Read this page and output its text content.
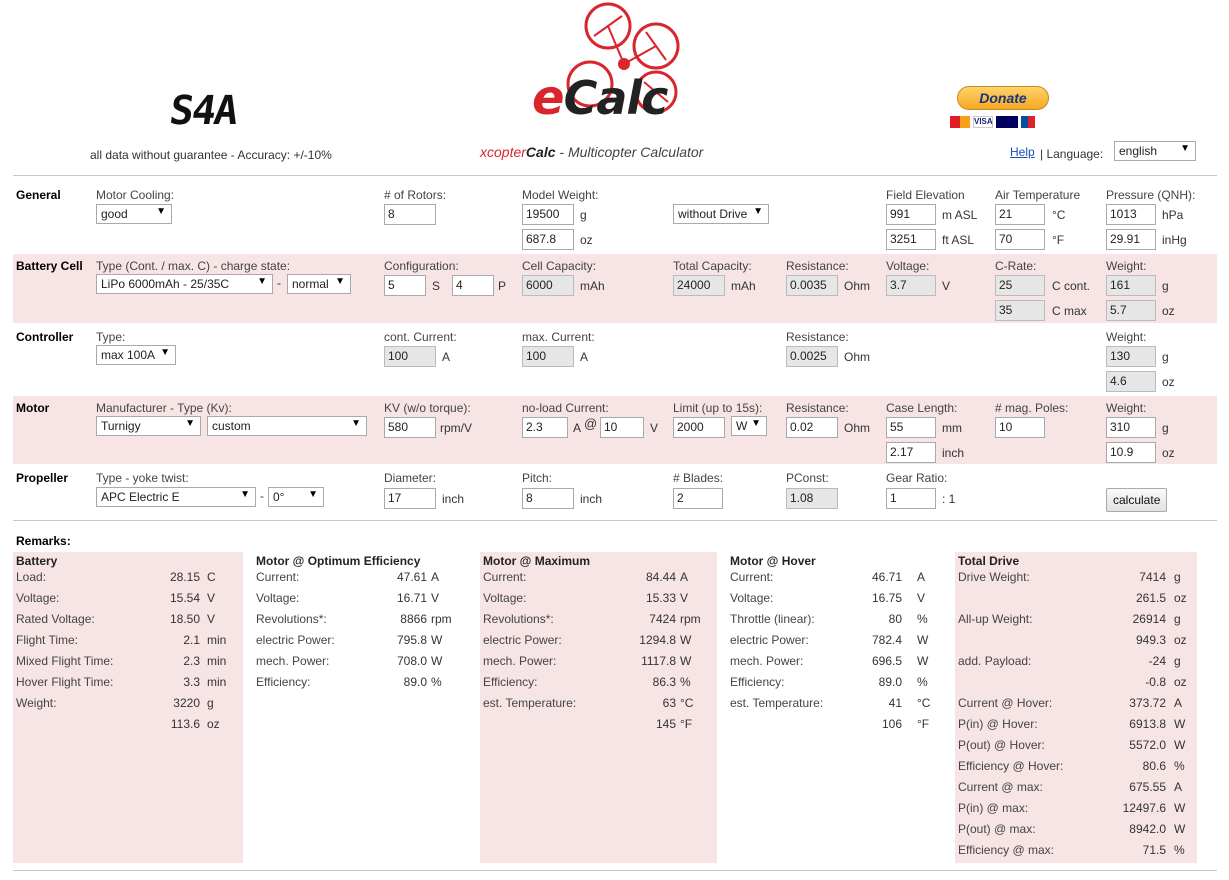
S4A
all data without guarantee - Accuracy: +/-10%
eCalc
xcopterCalc - Multicopter Calculator
Donate
VISA
Help | Language:	english ▼
General	Motor Cooling:
good	▼
# of Rotors:
8
Model Weight:
19500	g
687.8	oz
without Drive ▼
Field Elevation
991	m ASL
3251	ft ASL
Air Temperature
21	°C
70	°F
Pressure (QNH):
1013	hPa
29.91	inHg
Battery Cell Type (Cont. / max. C) - charge state:
LiPo 6000mAh - 25/35C	▼ - normal ▼
Configuration:
5	S	4	P
Cell Capacity:
6000	mAh
Total Capacity:
24000	mAh
Resistance:
0.0035	Ohm
Voltage:
3.7	V
C-Rate:
25	C cont.
35	C max
Weight:
161	g
5.7	oz
Controller Type:
max 100A ▼
cont. Current:
100	A
max. Current:
100	A
Resistance:
0.0025	Ohm
Weight:
130	g
4.6	oz
Motor	Manufacturer - Type (Kv):
Turnigy	▼	custom	▼
KV (w/o torque):
580	rpm/V
no-load Current:
2.3	A @ 10	V
Limit (up to 15s):
2000	W ▼
Resistance:
0.02	Ohm
Case Length:
55	mm
2.17	inch
# mag. Poles:
10
Weight:
310	g
10.9	oz
Propeller Type - yoke twist:
APC Electric E	▼ - 0° ▼
Diameter:
17	inch
Pitch:
8	inch
# Blades:
2
PConst:
1.08
Gear Ratio:
1	: 1	calculate
Remarks:
Battery
Load:	28.15 C
Voltage:	15.54 V
Rated Voltage:	18.50 V
Flight Time:	2.1 min
Mixed Flight Time:	2.3 min
Hover Flight Time:	3.3 min
Weight:	3220 g
113.6 oz
Motor @ Optimum Efficiency
Current:	47.61 A
Voltage:	16.71 V
Revolutions*:	8866 rpm
electric Power:	795.8 W
mech. Power:	708.0 W
Efficiency:	89.0 %
Motor @ Maximum
Current:	84.44 A
Voltage:	15.33 V
Revolutions*:	7424 rpm
electric Power:	1294.8 W
mech. Power:	1117.8 W
Efficiency:	86.3 %
est. Temperature:	63 °C
145 °F
Motor @ Hover
Current:	46.71 A
Voltage:	16.75 V
Throttle (linear):	80 %
electric Power:	782.4 W
mech. Power:	696.5 W
Efficiency:	89.0 %
est. Temperature:	41 °C
106 °F
Total Drive
Drive Weight:	7414 g
261.5 oz
All-up Weight:	26914 g
949.3 oz
add. Payload:	-24 g
-0.8 oz
Current @ Hover:	373.72 A
P(in) @ Hover:	6913.8 W
P(out) @ Hover:	5572.0 W
Efficiency @ Hover:	80.6 %
Current @ max:	675.55 A
P(in) @ max:	12497.6 W
P(out) @ max:	8942.0 W
Efficiency @ max:	71.5 %
